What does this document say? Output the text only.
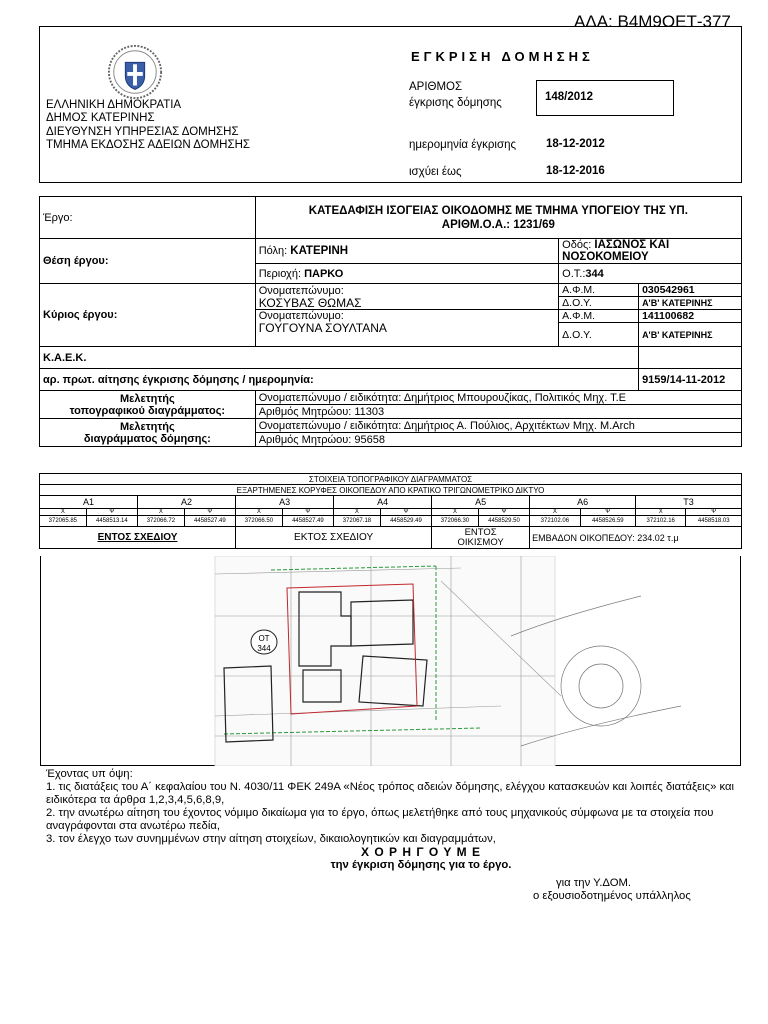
ΑΔΑ: Β4Μ9ΟΕΤ-377
ΕΛΛΗΝΙΚΗ ΔΗΜΟΚΡΑΤΙΑ
ΔΗΜΟΣ ΚΑΤΕΡΙΝΗΣ
ΔΙΕΥΘΥΝΣΗ ΥΠΗΡΕΣΙΑΣ ΔΟΜΗΣΗΣ
ΤΜΗΜΑ ΕΚΔΟΣΗΣ ΑΔΕΙΩΝ ΔΟΜΗΣΗΣ
ΕΓΚΡΙΣΗ ΔΟΜΗΣΗΣ
ΑΡΙΘΜΟΣ
έγκρισης δόμησης	148/2012
ημερομηνία έγκρισης	18-12-2012
ισχύει έως	18-12-2016
Έργο:	ΚΑΤΕΔΑΦΙΣΗ ΙΣΟΓΕΙΑΣ ΟΙΚΟΔΟΜΗΣ ΜΕ ΤΜΗΜΑ ΥΠΟΓΕΙΟΥ ΤΗΣ ΥΠ.
ΑΡΙΘΜ.Ο.Α.: 1231/69		

Θέση έργου:	Πόλη: ΚΑΤΕΡΙΝΗ	Οδός: ΙΑΣΩΝΟΣ ΚΑΙ ΝΟΣΟΚΟΜΕΙΟΥ	
	Περιοχή: ΠΑΡΚΟ	Ο.Τ.:344	
Κύριος έργου:	Ονοματεπώνυμο:
ΚΟΣΥΒΑΣ ΘΩΜΑΣ	Α.Φ.Μ.	030542961
		Δ.Ο.Υ.	Α'Β' ΚΑΤΕΡΙΝΗΣ

	Ονοματεπώνυμο:
ΓΟΥΓΟΥΝΑ ΣΟΥΛΤΑΝΑ	Α.Φ.Μ.	141100682
		Δ.Ο.Υ.	Α'Β' ΚΑΤΕΡΙΝΗΣ
Κ.Α.Ε.Κ.			
αρ. πρωτ. αίτησης έγκρισης δόμησης / ημερομηνία:			9159/14-11-2012

Μελετητής
τοπογραφικού διαγράμματος:	Ονοματεπώνυμο / ειδικότητα: Δημήτριος Μπουρουζίκας, Πολιτικός Μηχ. Τ.Ε		
	Αριθμός Μητρώου: 11303		

Μελετητής
διαγράμματος δόμησης:	Ονοματεπώνυμο / ειδικότητα: Δημήτριος Α. Πούλιος, Αρχιτέκτων Μηχ. M.Arch		
	Αριθμός Μητρώου: 95658		
ΣΤΟΙΧΕΙΑ ΤΟΠΟΓΡΑΦΙΚΟΥ ΔΙΑΓΡΑΜΜΑΤΟΣ													
ΕΞΑΡΤΗΜΕΝΕΣ ΚΟΡΥΦΕΣ ΟΙΚΟΠΕΔΟΥ ΑΠΟ ΚΡΑΤΙΚΟ ΤΡΙΓΩΝΟΜΕΤΡΙΚΟ ΔΙΚΤΥΟ													
Α1		Α2		Α3		Α4		Α5		Α6		Τ3	
Χ	Ψ	Χ	Ψ	Χ	Ψ	Χ	Ψ	Χ	Ψ	Χ	Ψ	Χ	Ψ
372065.85	4458513.14	372066.72	4458527.49	372066.50	4458527.49	372067.18	4458529.49	372066.30	4458529.50	372102.06	4458526.59	372102.16	4458518.03
ΕΝΤΟΣ ΣΧΕΔΙΟΥ				ΕΚΤΟΣ ΣΧΕΔΙΟΥ				ΕΝΤΟΣ
ΟΙΚΙΣΜΟΥ		ΕΜΒΑΔΟΝ ΟΙΚΟΠΕΔΟΥ: 234.02 τ.μ			
ΟΤ
344
Έχοντας υπ όψη:
1. τις διατάξεις του Α΄ κεφαλαίου του Ν. 4030/11 ΦΕΚ 249Α «Νέος τρόπος αδειών δόμησης, ελέγχου κατασκευών και λοιπές διατάξεις» και ειδικότερα τα άρθρα 1,2,3,4,5,6,8,9,
2. την ανωτέρω αίτηση του έχοντος νόμιμο δικαίωμα για το έργο, όπως μελετήθηκε από τους μηχανικούς σύμφωνα με τα στοιχεία που αναγράφονται στα ανωτέρω πεδία,
3. τον έλεγχο των συνημμένων στην αίτηση στοιχείων, δικαιολογητικών και διαγραμμάτων,
Χ Ο Ρ Η Γ Ο Υ Μ Ε
την έγκριση δόμησης για το έργο.
για την Υ.ΔΟΜ.
ο εξουσιοδοτημένος υπάλληλος
